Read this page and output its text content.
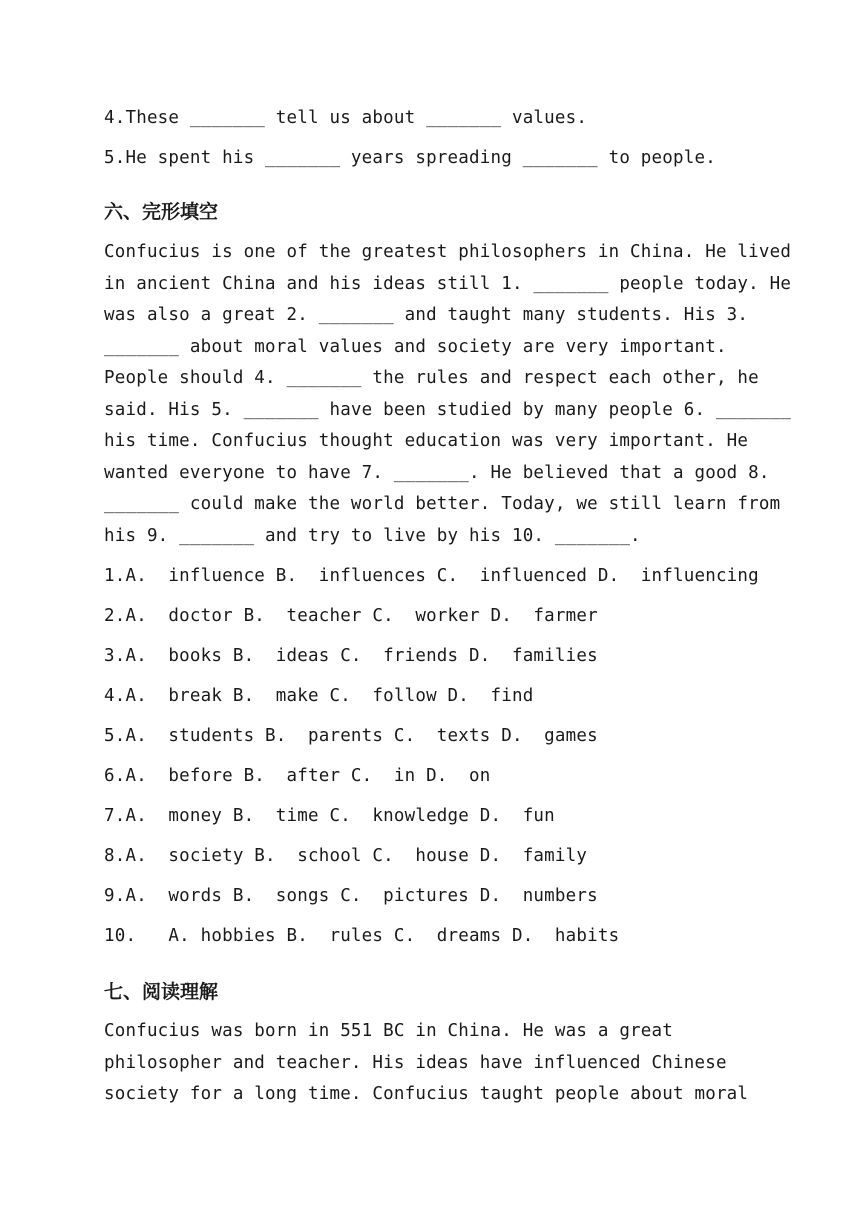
4.These _______ tell us about _______ values.
5.He spent his _______ years spreading _______ to people.
六、完形填空
Confucius is one of the greatest philosophers in China. He lived
in ancient China and his ideas still 1. _______ people today. He
was also a great 2. _______ and taught many students. His 3.
_______ about moral values and society are very important.
People should 4. _______ the rules and respect each other, he
said. His 5. _______ have been studied by many people 6. _______
his time. Confucius thought education was very important. He
wanted everyone to have 7. _______. He believed that a good 8.
_______ could make the world better. Today, we still learn from
his 9. _______ and try to live by his 10. _______.
1.A.  influence B.  influences C.  influenced D.  influencing
2.A.  doctor B.  teacher C.  worker D.  farmer
3.A.  books B.  ideas C.  friends D.  families
4.A.  break B.  make C.  follow D.  find
5.A.  students B.  parents C.  texts D.  games
6.A.  before B.  after C.  in D.  on
7.A.  money B.  time C.  knowledge D.  fun
8.A.  society B.  school C.  house D.  family
9.A.  words B.  songs C.  pictures D.  numbers
10.   A. hobbies B.  rules C.  dreams D.  habits
七、阅读理解
Confucius was born in 551 BC in China. He was a great
philosopher and teacher. His ideas have influenced Chinese
society for a long time. Confucius taught people about moral
